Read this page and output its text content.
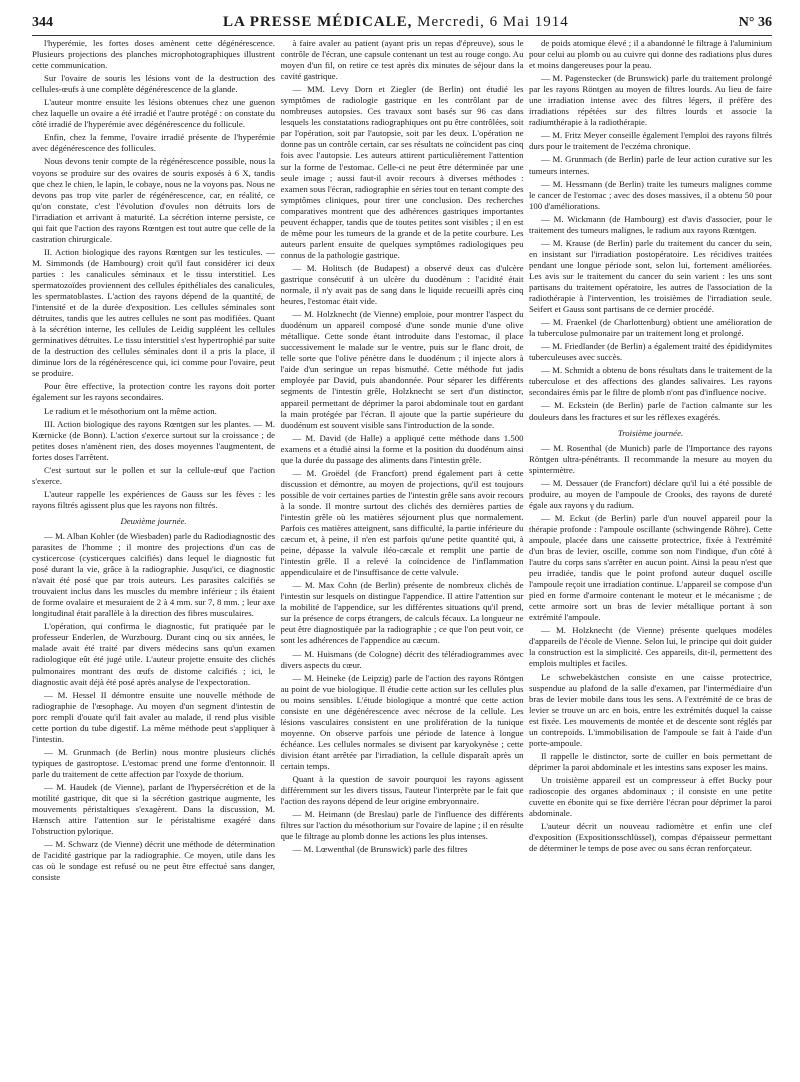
344	LA PRESSE MÉDICALE, Mercredi, 6 Mai 1914	N° 36

l'hyperémie, les fortes doses amènent cette dégénérescence. Plusieurs projections des planches microphotographiques illustrent cette communication.

Sur l'ovaire de souris les lésions vont de la destruction des cellules-œufs à une complète dégénérescence de la glande.

L'auteur montre ensuite les lésions obtenues chez une guenon chez laquelle un ovaire a été irradié et l'autre protégé : on constate du côté irradié de l'hyperémie avec dégénérescence du follicule.

Enfin, chez la femme, l'ovaire irradié présente de l'hyperémie avec dégénérescence des follicules.

Nous devons tenir compte de la régénérescence possible, nous la voyons se produire sur des ovaires de souris exposés à 6 X, tandis que chez le chien, le lapin, le cobaye, nous ne la voyons pas. Nous ne devons pas trop vite parler de régénérescence, car, en réalité, ce qu'on constate, c'est l'évolution d'ovules non détruits lors de l'irradiation et arrivant à maturité. La sécrétion interne persiste, ce qui fait que l'action des rayons Rœntgen est tout autre que celle de la castration chirurgicale.

II. Action biologique des rayons Rœntgen sur les testicules. — M. Simmonds (de Hambourg) croit qu'il faut considérer ici deux parties : les canalicules séminaux et le tissu interstitiel. Les spermatozoïdes proviennent des cellules épithéliales des canalicules, les spermatoblastes. L'action des rayons dépend de la quantité, de l'intensité et de la durée d'exposition. Les cellules séminales sont détruites, tandis que les autres cellules ne sont pas modifiées. Quant à la sécrétion interne, les cellules de Leidig suppléent les cellules germinatives détruites. Le tissu interstitiel s'est hypertrophié par suite de la destruction des cellules séminales dont il a pris la place, il diminue lors de la régénérescence qui, ici comme pour l'ovaire, peut se produire.

Pour être effective, la protection contre les rayons doit porter également sur les rayons secondaires.

Le radium et le mésothorium ont la même action.

III. Action biologique des rayons Rœntgen sur les plantes. — M. Kœrnicke (de Bonn). L'action s'exerce surtout sur la croissance ; de petites doses n'amènent rien, des doses moyennes l'augmentent, de fortes doses l'arrêtent.

C'est surtout sur le pollen et sur la cellule-œuf que l'action s'exerce.

L'auteur rappelle les expériences de Gauss sur les fèves : les rayons filtrés agissent plus que les rayons non filtrés.

Deuxième journée.

— M. Alban Kohler (de Wiesbaden) parle du Radiodiagnostic des parasites de l'homme ; il montre des projections d'un cas de cysticercose (cysticerques calcifiés) dans lequel le diagnostic fut posé durant la vie, grâce à la radiographie. Jusqu'ici, ce diagnostic n'avait été posé que par trois auteurs. Les parasites calcifiés se trouvaient inclus dans les muscles du membre inférieur ; ils étaient de forme ovalaire et mesuraient de 2 à 4 mm. sur 7, 8 mm. ; leur axe longitudinal était parallèle à la direction des fibres musculaires.

L'opération, qui confirma le diagnostic, fut pratiquée par le professeur Enderlen, de Wurzbourg. Durant cinq ou six années, le malade avait été traité par divers médecins sans qu'un examen radiologique eût été jugé utile. L'auteur projette ensuite des clichés pulmonaires montrant des œufs de distome calcifiés ; ici, le diagnostic avait déjà été posé après analyse de l'expectoration.

— M. Hessel II démontre ensuite une nouvelle méthode de radiographie de l'œsophage. Au moyen d'un segment d'intestin de porc rempli d'ouate qu'il fait avaler au malade, il rend plus visible cette portion du tube digestif. La même méthode peut s'appliquer à l'intestin.

— M. Grunmach (de Berlin) nous montre plusieurs clichés typiques de gastroptose. L'estomac prend une forme d'entonnoir. Il parle du traitement de cette affection par l'oxyde de thorium.

— M. Haudek (de Vienne), parlant de l'hypersécrétion et de la motilité gastrique, dit que si la sécrétion gastrique augmente, les mouvements péristaltiques s'exagèrent. Dans la discussion, M. Hænsch attire l'attention sur le péristaltisme exagéré dans l'obstruction pylorique.

— M. Schwarz (de Vienne) décrit une méthode de détermination de l'acidité gastrique par la radiographie. Ce moyen, utile dans les cas où le sondage est refusé ou ne peut être effectué sans danger, consiste

à faire avaler au patient (ayant pris un repas d'épreuve), sous le contrôle de l'écran, une capsule contenant un test au rouge congo. Au moyen d'un fil, on retire ce test après dix minutes de séjour dans la cavité gastrique.

— MM. Levy Dorn et Ziegler (de Berlin) ont étudié les symptômes de radiologie gastrique en les contrôlant par de nombreuses autopsies. Ces travaux sont basés sur 96 cas dans lesquels les constatations radiographiques ont pu être contrôlées, soit par l'opération, soit par l'autopsie, soit par les deux. L'opération ne donne pas un contrôle certain, car ses résultats ne coïncident pas cinq fois avec l'autopsie. Les auteurs attirent particulièrement l'attention sur la forme de l'estomac. Celle-ci ne peut être déterminée par une seule image ; aussi faut-il avoir recours à diverses méthodes : examen sous l'écran, radiographie en séries tout en tenant compte des symptômes cliniques, pour tirer une conclusion. Des recherches comparatives montrent que des adhérences gastriques importantes peuvent échapper, tandis que de toutes petites sont visibles ; il en est de même pour les tumeurs de la grande et de la petite courbure. Les auteurs parlent ensuite de quelques symptômes radiologiques peu connus de la pathologie gastrique.

— M. Holitsch (de Budapest) a observé deux cas d'ulcère gastrique consécutif à un ulcère du duodénum : l'acidité était normale, il n'y avait pas de sang dans le liquide recueilli après cinq heures, l'estomac était vide.

— M. Holzknecht (de Vienne) emploie, pour montrer l'aspect du duodénum un appareil composé d'une sonde munie d'une olive métallique. Cette sonde étant introduite dans l'estomac, il place successivement le malade sur le ventre, puis sur le flanc droit, de telle sorte que l'olive pénètre dans le duodénum ; il injecte alors à l'aide d'un seringue un repas bismuthé. Cette méthode fut jadis employée par David, puis abandonnée. Pour séparer les différents segments de l'intestin grêle, Holzknecht se sert d'un distinctor, appareil permettant de déprimer la paroi abdominale tout en gardant la main protégée par l'écran. Il ajoute que la partie supérieure du duodénum est souvent visible sans l'introduction de la sonde.

— M. David (de Halle) a appliqué cette méthode dans 1.500 examens et a étudié ainsi la forme et la position du duodénum ainsi que la durée du passage des aliments dans l'intestin grêle.

— M. Groëdel (de Francfort) prend également part à cette discussion et démontre, au moyen de projections, qu'il est toujours possible de voir certaines parties de l'intestin grêle sans avoir recours à la sonde. Il montre surtout des clichés des dernières parties de l'intestin grêle où les matières séjournent plus que normalement. Parfois ces matières atteignent, sans difficulté, la partie inférieure du cæcum et, à peine, il n'en est parfois qu'une petite quantité qui, à peine, dépasse la valvule iléo-cæcale et remplit une partie de l'intestin grêle. Il a relevé la coïncidence de l'inflammation appendiculaire et de l'insuffisance de cette valvule.

— M. Max Cohn (de Berlin) présente de nombreux clichés de l'intestin sur lesquels on distingue l'appendice. Il attire l'attention sur la mobilité de l'appendice, sur les différentes situations qu'il prend, sur la présence de corps étrangers, de calculs fécaux. La longueur ne peut être diagnostiquée par la radiographie ; ce que l'on peut voir, ce sont les adhérences de l'appendice au cæcum.

— M. Huismans (de Cologne) décrit des téléradiogrammes avec divers aspects du cœur.

— M. Heineke (de Leipzig) parle de l'action des rayons Röntgen au point de vue biologique. Il étudie cette action sur les cellules plus ou moins sensibles. L'étude biologique a montré que cette action consiste en une dégénérescence avec nécrose de la cellule. Les lésions vasculaires consistent en une prolifération de la tunique moyenne. On observe parfois une période de latence à longue échéance. Les cellules normales se divisent par karyokynèse ; cette division étant arrêtée par l'irradiation, la cellule disparaît après un certain temps.

Quant à la question de savoir pourquoi les rayons agissent différemment sur les divers tissus, l'auteur l'interprète par le fait que l'action des rayons dépend de leur origine embryonnaire.

— M. Heimann (de Breslau) parle de l'influence des différents filtres sur l'action du mésothorium sur l'ovaire de lapine ; il en résulte que le filtrage au plomb donne les actions les plus intenses.

— M. Lœwenthal (de Brunswick) parle des filtres

de poids atomique élevé ; il a abandonné le filtrage à l'aluminium pour celui au plomb ou au cuivre qui donne des radiations plus dures et moins dangereuses pour la peau.

— M. Pagenstecker (de Brunswick) parle du traitement prolongé par les rayons Röntgen au moyen de filtres lourds. Au lieu de faire une irradiation intense avec des filtres légers, il préfère des irradiations répétées sur des filtres lourds et associe la radiumthérapie à la radiothérapie.

— M. Fritz Meyer conseille également l'emploi des rayons filtrés durs pour le traitement de l'eczéma chronique.

— M. Grunmach (de Berlin) parle de leur action curative sur les tumeurs internes.

— M. Hessmann (de Berlin) traite les tumeurs malignes comme le cancer de l'estomac ; avec des doses massives, il a obtenu 50 pour 100 d'améliorations.

— M. Wickmann (de Hambourg) est d'avis d'associer, pour le traitement des tumeurs malignes, le radium aux rayons Rœntgen.

— M. Krause (de Berlin) parle du traitement du cancer du sein, en insistant sur l'irradiation postopératoire. Les récidives traitées pendant une longue période sont, selon lui, fortement améliorées. Les avis sur le traitement du cancer du sein varient : les uns sont partisans du traitement opératoire, les autres de l'association de la radiothérapie à l'intervention, les troisièmes de l'irradiation seule. Seifert et Gauss sont partisans de ce dernier procédé.

— M. Fraenkel (de Charlottenburg) obtient une amélioration de la tuberculose pulmonaire par un traitement long et prolongé.

— M. Friedlander (de Berlin) a également traité des épididymites tuberculeuses avec succès.

— M. Schmidt a obtenu de bons résultats dans le traitement de la tuberculose et des affections des glandes salivaires. Les rayons secondaires émis par le filtre de plomb n'ont pas d'influence nocive.

— M. Eckstein (de Berlin) parle de l'action calmante sur les douleurs dans les fractures et sur les réflexes exagérés.

Troisième journée.

— M. Rosenthal (de Munich) parle de l'Importance des rayons Röntgen ultra-pénétrants. Il recommande la mesure au moyen du spintermètre.

— M. Dessauer (de Francfort) déclare qu'il lui a été possible de produire, au moyen de l'ampoule de Crooks, des rayons de dureté égale aux rayons γ du radium.

— M. Eckut (de Berlin) parle d'un nouvel appareil pour la thérapie profonde : l'ampoule oscillante (schwingende Röhre). Cette ampoule, placée dans une caissette protectrice, fixée à l'extrémité d'un bras de levier, oscille, comme son nom l'indique, d'un côté à l'autre du corps sans s'arrêter en aucun point. Ainsi la peau n'est que peu irradiée, tandis que le point profond auteur duquel oscille l'ampoule reçoit une irradiation continue. L'appareil se compose d'un pied en forme d'armoire contenant le moteur et le mécanisme ; de cette armoire sort un bras de levier métallique portant à son extrémité l'ampoule.

— M. Holzknecht (de Vienne) présente quelques modèles d'appareils de l'école de Vienne. Selon lui, le principe qui doit guider la construction est la simplicité. Ces appareils, dit-il, permettent des emplois multiples et faciles.

Le schwebekästchen consiste en une caisse protectrice, suspendue au plafond de la salle d'examen, par l'intermédiaire d'un bras de levier mobile dans tous les sens. A l'extrémité de ce bras de levier se trouve un arc en bois, entre les extrémités duquel la caisse est fixée. Les mouvements de montée et de descente sont réglés par un contrepoids. L'immobilisation de l'ampoule se fait à l'aide d'un porte-ampoule.

Il rappelle le distinctor, sorte de cuiller en bois permettant de déprimer la paroi abdominale et les intestins sans exposer les mains.

Un troisième appareil est un compresseur à effet Bucky pour radioscopie des organes abdominaux ; il consiste en une petite cuvette en ébonite qui se fixe derrière l'écran pour déprimer la paroi abdominale.

L'auteur décrit un nouveau radiomètre et enfin une clef d'exposition (Expositionsschlüssel), compas d'épaisseur permettant de déterminer le temps de pose avec ou sans écran renforçateur.
